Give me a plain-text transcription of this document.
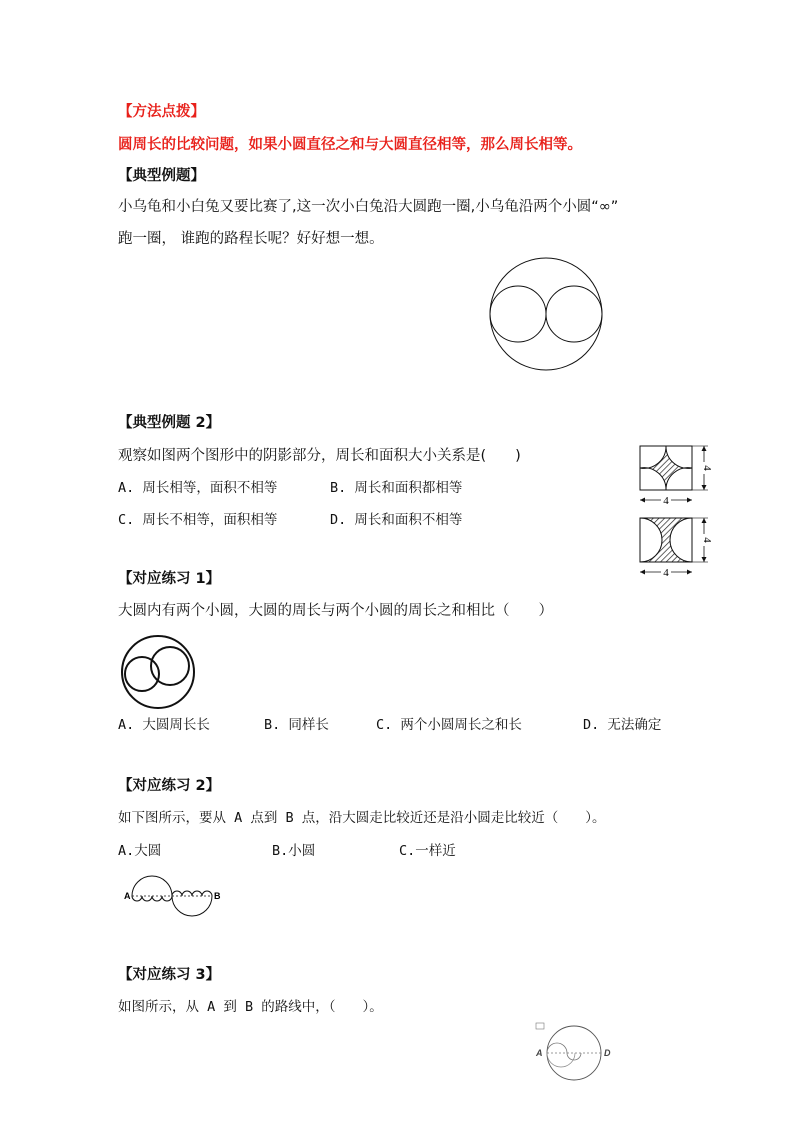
【方法点拨】
圆周长的比较问题，如果小圆直径之和与大圆直径相等，那么周长相等。
【典型例题】
小乌龟和小白兔又要比赛了,这一次小白兔沿大圆跑一圈,小乌龟沿两个小圆“∞”
跑一圈， 谁跑的路程长呢？好好想一想。
【典型例题 2】
观察如图两个图形中的阴影部分，周长和面积大小关系是(　　)
A. 周长相等，面积不相等	B. 周长和面积都相等
C. 周长不相等，面积相等	D. 周长和面积不相等
4
4
4
4
【对应练习 1】
大圆内有两个小圆，大圆的周长与两个小圆的周长之和相比（　　）
A. 大圆周长长	B. 同样长	C. 两个小圆周长之和长	D. 无法确定
【对应练习 2】
如下图所示，要从 A 点到 B 点，沿大圆走比较近还是沿小圆走比较近（　　）。
A.大圆	B.小圆	C.一样近
A	B
【对应练习 3】
如图所示，从 A 到 B 的路线中，（　　）。
A	D
